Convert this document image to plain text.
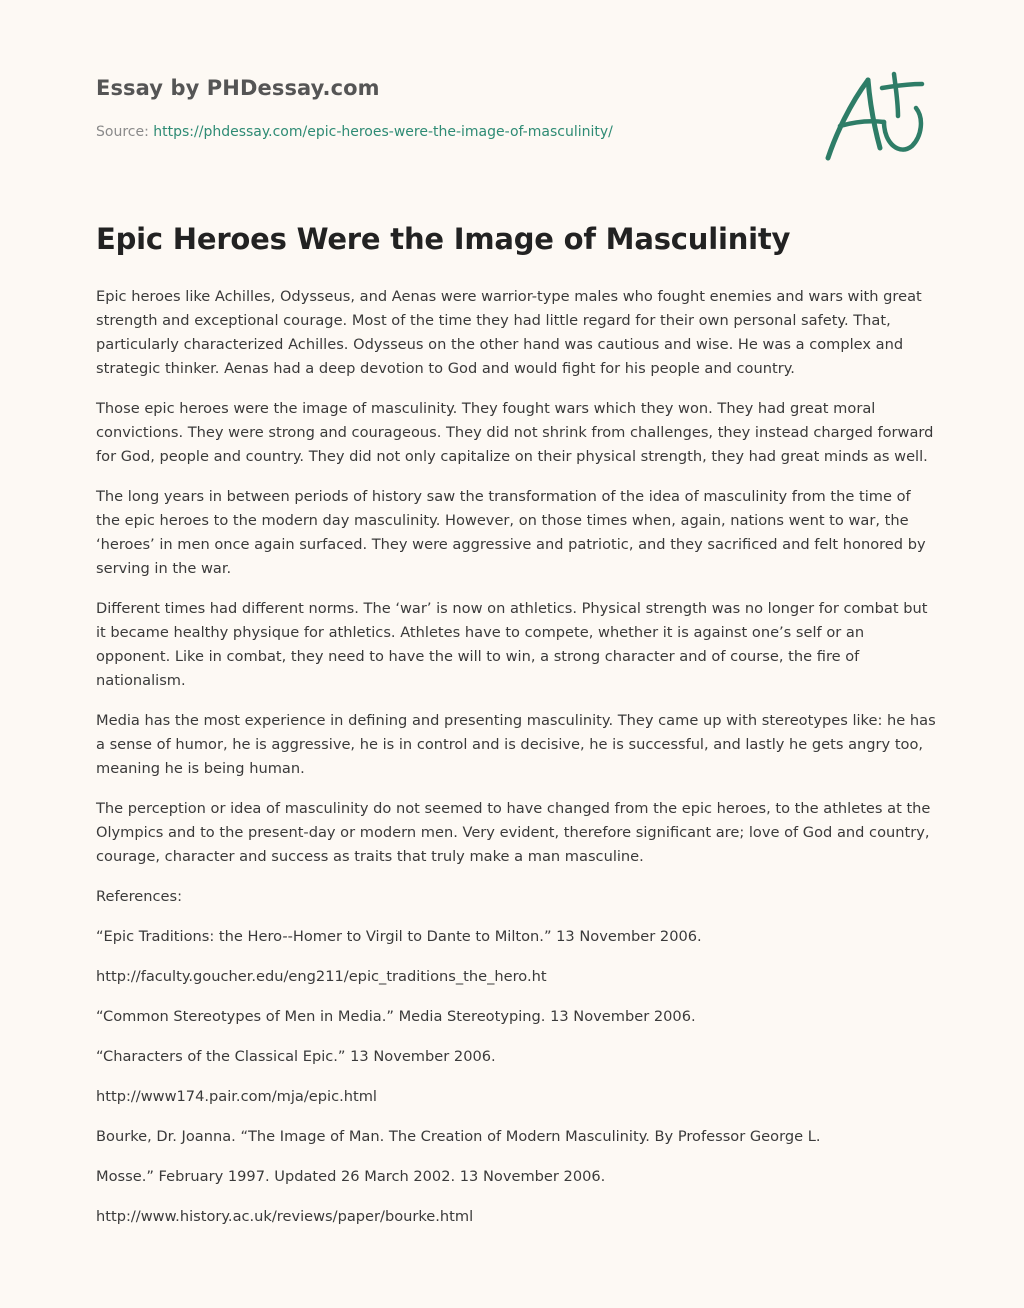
Essay by PHDessay.com
Source: https://phdessay.com/epic-heroes-were-the-image-of-masculinity/
Epic Heroes Were the Image of Masculinity

Epic heroes like Achilles, Odysseus, and Aenas were warrior-type males who fought enemies and wars with great strength and exceptional courage. Most of the time they had little regard for their own personal safety. That, particularly characterized Achilles. Odysseus on the other hand was cautious and wise. He was a complex and strategic thinker. Aenas had a deep devotion to God and would fight for his people and country.

Those epic heroes were the image of masculinity. They fought wars which they won. They had great moral convictions. They were strong and courageous. They did not shrink from challenges, they instead charged forward for God, people and country. They did not only capitalize on their physical strength, they had great minds as well.

The long years in between periods of history saw the transformation of the idea of masculinity from the time of the epic heroes to the modern day masculinity. However, on those times when, again, nations went to war, the ‘heroes’ in men once again surfaced. They were aggressive and patriotic, and they sacrificed and felt honored by serving in the war.

Different times had different norms. The ‘war’ is now on athletics. Physical strength was no longer for combat but it became healthy physique for athletics. Athletes have to compete, whether it is against one’s self or an opponent. Like in combat, they need to have the will to win, a strong character and of course, the fire of nationalism.

Media has the most experience in defining and presenting masculinity. They came up with stereotypes like: he has a sense of humor, he is aggressive, he is in control and is decisive, he is successful, and lastly he gets angry too, meaning he is being human.

The perception or idea of masculinity do not seemed to have changed from the epic heroes, to the athletes at the Olympics and to the present-day or modern men. Very evident, therefore significant are; love of God and country, courage, character and success as traits that truly make a man masculine.

References:

“Epic Traditions: the Hero--Homer to Virgil to Dante to Milton.” 13 November 2006.

http://faculty.goucher.edu/eng211/epic_traditions_the_hero.ht

“Common Stereotypes of Men in Media.” Media Stereotyping. 13 November 2006.

“Characters of the Classical Epic.” 13 November 2006.

http://www174.pair.com/mja/epic.html

Bourke, Dr. Joanna. “The Image of Man. The Creation of Modern Masculinity. By Professor George L.

Mosse.” February 1997. Updated 26 March 2002. 13 November 2006.

http://www.history.ac.uk/reviews/paper/bourke.html
